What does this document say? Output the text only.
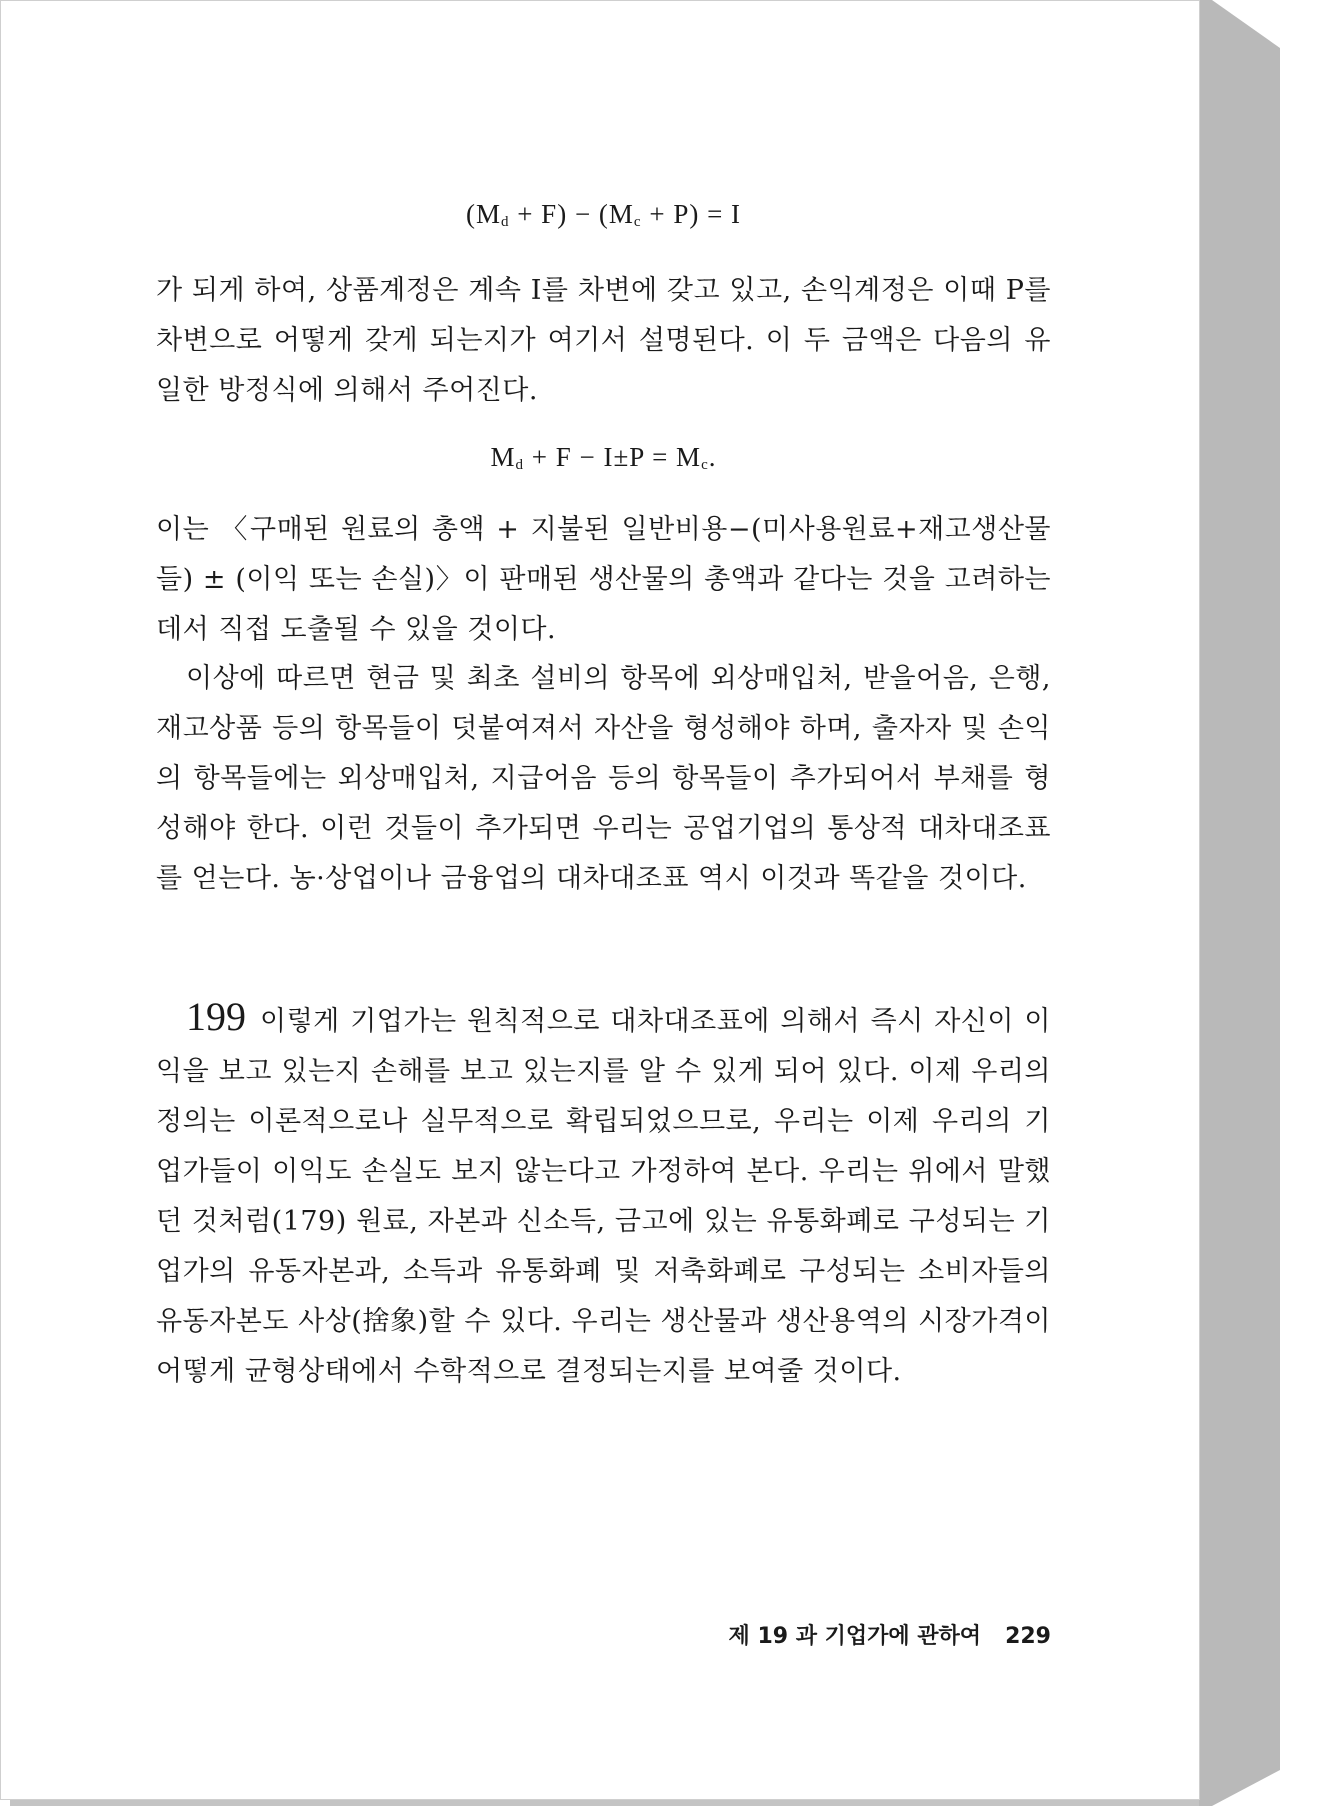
$(M_d + F) - (M_c + P) = I$

가 되게 하여, 상품계정은 계속 I를 차변에 갖고 있고, 손익계정은 이때 P를 차변으로 어떻게 갖게 되는지가 여기서 설명된다. 이 두 금액은 다음의 유일한 방정식에 의해서 주어진다.

$M_d + F - I\pm P = M_c$.

이는 〈구매된 원료의 총액 + 지불된 일반비용−(미사용원료+재고생산물들) ± (이익 또는 손실)〉이 판매된 생산물의 총액과 같다는 것을 고려하는 데서 직접 도출될 수 있을 것이다.

이상에 따르면 현금 및 최초 설비의 항목에 외상매입처, 받을어음, 은행, 재고상품 등의 항목들이 덧붙여져서 자산을 형성해야 하며, 출자자 및 손익의 항목들에는 외상매입처, 지급어음 등의 항목들이 추가되어서 부채를 형성해야 한다. 이런 것들이 추가되면 우리는 공업기업의 통상적 대차대조표를 얻는다. 농·상업이나 금융업의 대차대조표 역시 이것과 똑같을 것이다.

199 이렇게 기업가는 원칙적으로 대차대조표에 의해서 즉시 자신이 이익을 보고 있는지 손해를 보고 있는지를 알 수 있게 되어 있다. 이제 우리의 정의는 이론적으로나 실무적으로 확립되었으므로, 우리는 이제 우리의 기업가들이 이익도 손실도 보지 않는다고 가정하여 본다. 우리는 위에서 말했던 것처럼(179) 원료, 자본과 신소득, 금고에 있는 유통화폐로 구성되는 기업가의 유동자본과, 소득과 유통화폐 및 저축화폐로 구성되는 소비자들의 유동자본도 사상(捨象)할 수 있다. 우리는 생산물과 생산용역의 시장가격이 어떻게 균형상태에서 수학적으로 결정되는지를 보여줄 것이다.

제 19 과 기업가에 관하여 229
